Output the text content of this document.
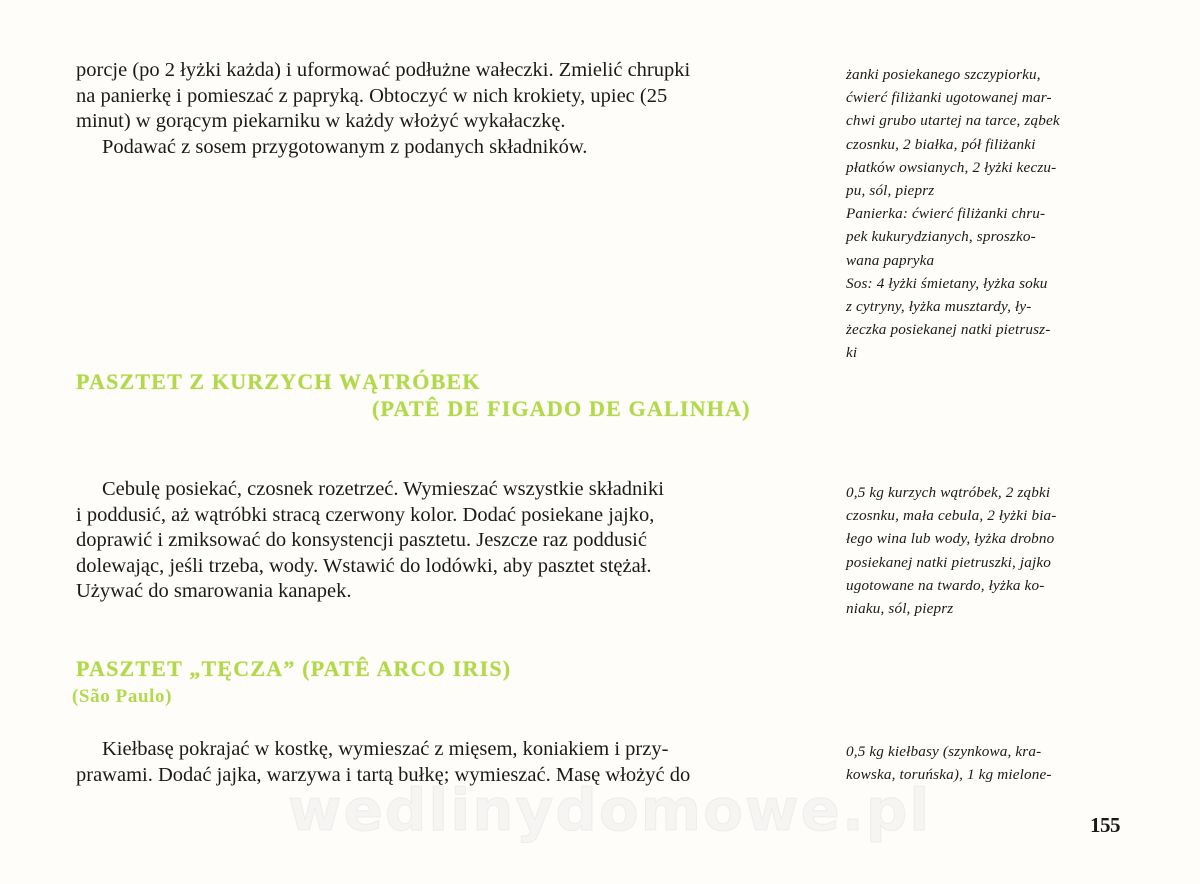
porcje (po 2 łyżki każda) i uformować podłużne wałeczki. Zmielić chrupki
na panierkę i pomieszać z papryką. Obtoczyć w nich krokiety, upiec (25
minut) w gorącym piekarniku w każdy włożyć wykałaczkę.
Podawać z sosem przygotowanym z podanych składników.

żanki posiekanego szczypiorku,
ćwierć filiżanki ugotowanej mar-
chwi grubo utartej na tarce, ząbek
czosnku, 2 białka, pół filiżanki
płatków owsianych, 2 łyżki keczu-
pu, sól, pieprz
Panierka: ćwierć filiżanki chru-
pek kukurydzianych, sproszko-
wana papryka
Sos: 4 łyżki śmietany, łyżka soku
z cytryny, łyżka musztardy, ły-
żeczka posiekanej natki pietrusz-
ki
PASZTET Z KURZYCH WĄTRÓBEK
(PATÊ DE FIGADO DE GALINHA)

Cebulę posiekać, czosnek rozetrzeć. Wymieszać wszystkie składniki
i poddusić, aż wątróbki stracą czerwony kolor. Dodać posiekane jajko,
doprawić i zmiksować do konsystencji pasztetu. Jeszcze raz poddusić
dolewając, jeśli trzeba, wody. Wstawić do lodówki, aby pasztet stężał.
Używać do smarowania kanapek.

0,5 kg kurzych wątróbek, 2 ząbki
czosnku, mała cebula, 2 łyżki bia-
łego wina lub wody, łyżka drobno
posiekanej natki pietruszki, jajko
ugotowane na twardo, łyżka ko-
niaku, sól, pieprz
PASZTET „TĘCZA” (PATÊ ARCO IRIS)
(São Paulo)

Kiełbasę pokrajać w kostkę, wymieszać z mięsem, koniakiem i przy-
prawami. Dodać jajka, warzywa i tartą bułkę; wymieszać. Masę włożyć do

0,5 kg kiełbasy (szynkowa, kra-
kowska, toruńska), 1 kg mielone-
wedlinydomowe.pl	155
